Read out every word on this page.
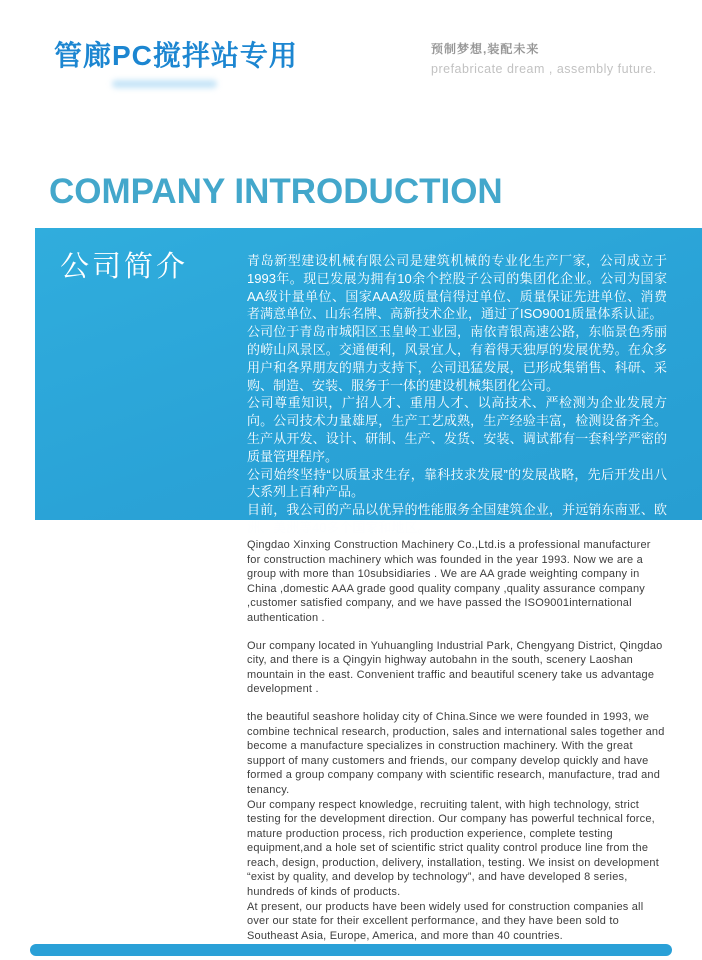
管廊PC搅拌站专用	预制梦想,装配未来
prefabricate dream , assembly future.
COMPANY INTRODUCTION
公司简介	青岛新型建设机械有限公司是建筑机械的专业化生产厂家，公司成立于1993年。现已发展为拥有10余个控股子公司的集团化企业。公司为国家AA级计量单位、国家AAA级质量信得过单位、质量保证先进单位、消费者满意单位、山东名牌、高新技术企业，通过了ISO9001质量体系认证。

公司位于青岛市城阳区玉皇岭工业园，南依青银高速公路，东临景色秀丽的崂山风景区。交通便利，风景宜人，有着得天独厚的发展优势。在众多用户和各界朋友的鼎力支持下，公司迅猛发展，已形成集销售、科研、采购、制造、安装、服务于一体的建设机械集团化公司。

公司尊重知识，广招人才、重用人才、以高技术、严检测为企业发展方向。公司技术力量雄厚，生产工艺成熟，生产经验丰富，检测设备齐全。生产从开发、设计、研制、生产、发货、安装、调试都有一套科学严密的质量管理程序。

公司始终坚持“以质量求生存，靠科技求发展”的发展战略，先后开发出八大系列上百种产品。

目前，我公司的产品以优异的性能服务全国建筑企业，并远销东南亚、欧洲、美洲等40多个国家和地区。

Qingdao Xinxing Construction Machinery Co.,Ltd.is a professional manufacturer for construction machinery which was founded in the year 1993. Now we are a group with more than 10subsidiaries . We are AA grade weighting company in China ,domestic AAA grade good quality company ,quality assurance company ,customer satisfied company, and we have passed the ISO9001international authentication .

Our company located in Yuhuangling Industrial Park, Chengyang District, Qingdao city, and there is a Qingyin highway autobahn in the south, scenery Laoshan mountain in the east. Convenient traffic and beautiful scenery take us advantage development .

the beautiful seashore holiday city of China.Since we were founded in 1993, we combine technical research, production, sales and international sales together and become a manufacture specializes in construction machinery. With the great support of many customers and friends, our company develop quickly and have formed a group company company with scientific research, manufacture, trad and tenancy.

Our company respect knowledge, recruiting talent, with high technology, strict testing for the development direction. Our company has powerful technical force, mature production process, rich production experience, complete testing equipment,and a hole set of scientific strict quality control produce line from the reach, design, production, delivery, installation, testing. We insist on development “exist by quality, and develop by technology”, and have developed 8 series, hundreds of kinds of products.

At present, our products have been widely used for construction companies all over our state for their excellent performance, and they have been sold to Southeast Asia, Europe, America, and more than 40 countries.
